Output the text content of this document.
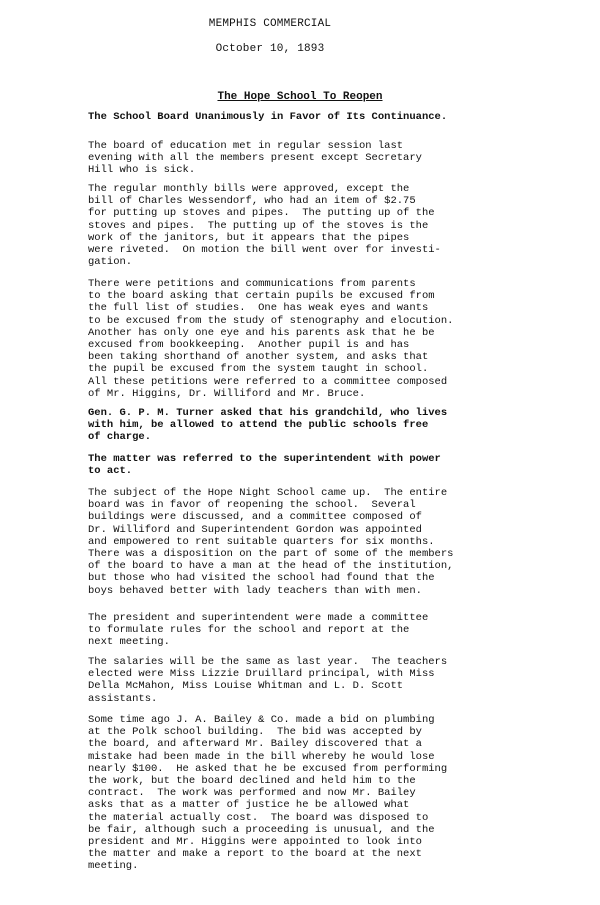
MEMPHIS COMMERCIAL
October 10, 1893
The Hope School To Reopen

The School Board Unanimously in Favor of Its Continuance.

The board of education met in regular session last
evening with all the members present except Secretary
Hill who is sick.

The regular monthly bills were approved, except the
bill of Charles Wessendorf, who had an item of $2.75
for putting up stoves and pipes.  The putting up of the
stoves and pipes.  The putting up of the stoves is the
work of the janitors, but it appears that the pipes
were riveted.  On motion the bill went over for investi-
gation.

There were petitions and communications from parents
to the board asking that certain pupils be excused from
the full list of studies.  One has weak eyes and wants
to be excused from the study of stenography and elocution.
Another has only one eye and his parents ask that he be
excused from bookkeeping.  Another pupil is and has
been taking shorthand of another system, and asks that
the pupil be excused from the system taught in school.
All these petitions were referred to a committee composed
of Mr. Higgins, Dr. Williford and Mr. Bruce.

Gen. G. P. M. Turner asked that his grandchild, who lives
with him, be allowed to attend the public schools free
of charge.

The matter was referred to the superintendent with power
to act.

The subject of the Hope Night School came up.  The entire
board was in favor of reopening the school.  Several
buildings were discussed, and a committee composed of
Dr. Williford and Superintendent Gordon was appointed
and empowered to rent suitable quarters for six months.
There was a disposition on the part of some of the members
of the board to have a man at the head of the institution,
but those who had visited the school had found that the
boys behaved better with lady teachers than with men.

The president and superintendent were made a committee
to formulate rules for the school and report at the
next meeting.

The salaries will be the same as last year.  The teachers
elected were Miss Lizzie Druillard principal, with Miss
Della McMahon, Miss Louise Whitman and L. D. Scott
assistants.

Some time ago J. A. Bailey & Co. made a bid on plumbing
at the Polk school building.  The bid was accepted by
the board, and afterward Mr. Bailey discovered that a
mistake had been made in the bill whereby he would lose
nearly $100.  He asked that he be excused from performing
the work, but the board declined and held him to the
contract.  The work was performed and now Mr. Bailey
asks that as a matter of justice he be allowed what
the material actually cost.  The board was disposed to
be fair, although such a proceeding is unusual, and the
president and Mr. Higgins were appointed to look into
the matter and make a report to the board at the next
meeting.
